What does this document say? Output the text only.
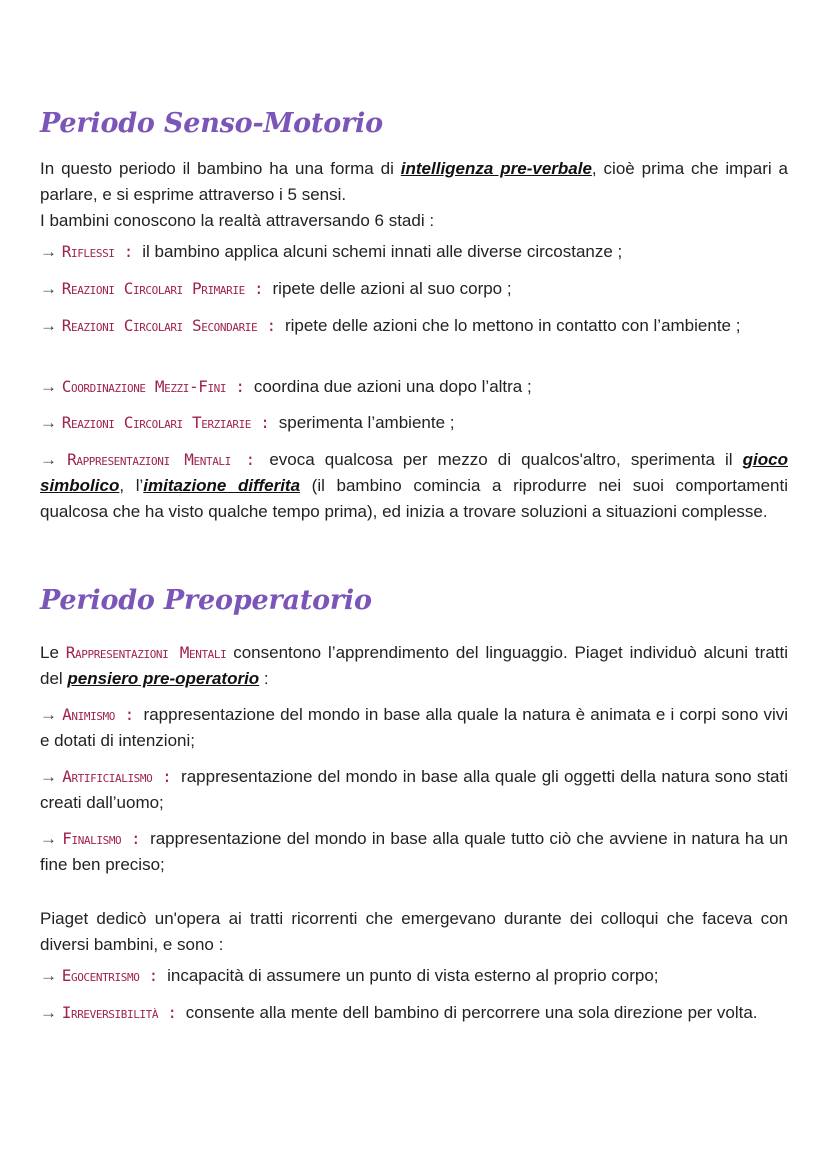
Periodo Senso-Motorio

In questo periodo il bambino ha una forma di intelligenza pre-verbale, cioè prima che impari a parlare, e si esprime attraverso i 5 sensi.

I bambini conoscono la realtà attraversando 6 stadi :

→ Riflessi : il bambino applica alcuni schemi innati alle diverse circostanze ;

→ Reazioni Circolari Primarie : ripete delle azioni al suo corpo ;

→ Reazioni Circolari Secondarie : ripete delle azioni che lo mettono in contatto con l’ambiente ;

→ Coordinazione Mezzi-Fini : coordina due azioni una dopo l’altra ;

→ Reazioni Circolari Terziarie : sperimenta l’ambiente ;

→ Rappresentazioni Mentali : evoca qualcosa per mezzo di qualcos'altro, sperimenta il gioco simbolico, l’imitazione differita (il bambino comincia a riprodurre nei suoi comportamenti qualcosa che ha visto qualche tempo prima), ed inizia a trovare soluzioni a situazioni complesse.

Periodo Preoperatorio

Le Rappresentazioni Mentali consentono l’apprendimento del linguaggio. Piaget individuò alcuni tratti del pensiero pre-operatorio :

→ Animismo : rappresentazione del mondo in base alla quale la natura è animata e i corpi sono vivi e dotati di intenzioni;

→ Artificialismo : rappresentazione del mondo in base alla quale gli oggetti della natura sono stati creati dall’uomo;

→ Finalismo : rappresentazione del mondo in base alla quale tutto ciò che avviene in natura ha un fine ben preciso;

Piaget dedicò un'opera ai tratti ricorrenti che emergevano durante dei colloqui che faceva con diversi bambini, e sono :

→ Egocentrismo : incapacità di assumere un punto di vista esterno al proprio corpo;

→ Irreversibilità : consente alla mente dell bambino di percorrere una sola direzione per volta.
